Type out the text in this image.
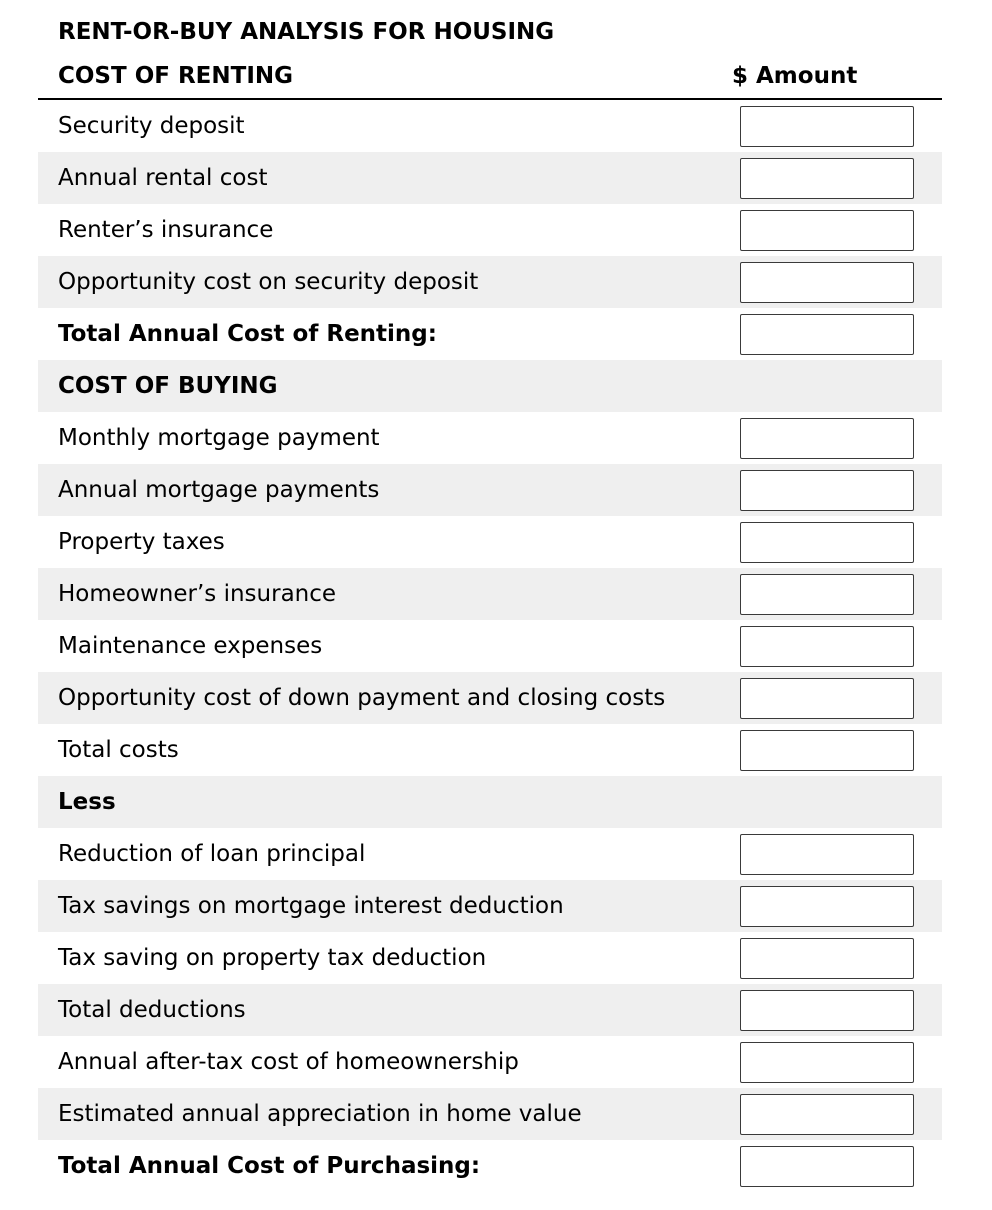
RENT-OR-BUY ANALYSIS FOR HOUSING
COST OF RENTING	$ Amount
Security deposit
Annual rental cost
Renter’s insurance
Opportunity cost on security deposit
Total Annual Cost of Renting:
COST OF BUYING
Monthly mortgage payment
Annual mortgage payments
Property taxes
Homeowner’s insurance
Maintenance expenses
Opportunity cost of down payment and closing costs
Total costs
Less
Reduction of loan principal
Tax savings on mortgage interest deduction
Tax saving on property tax deduction
Total deductions
Annual after-tax cost of homeownership
Estimated annual appreciation in home value
Total Annual Cost of Purchasing:
